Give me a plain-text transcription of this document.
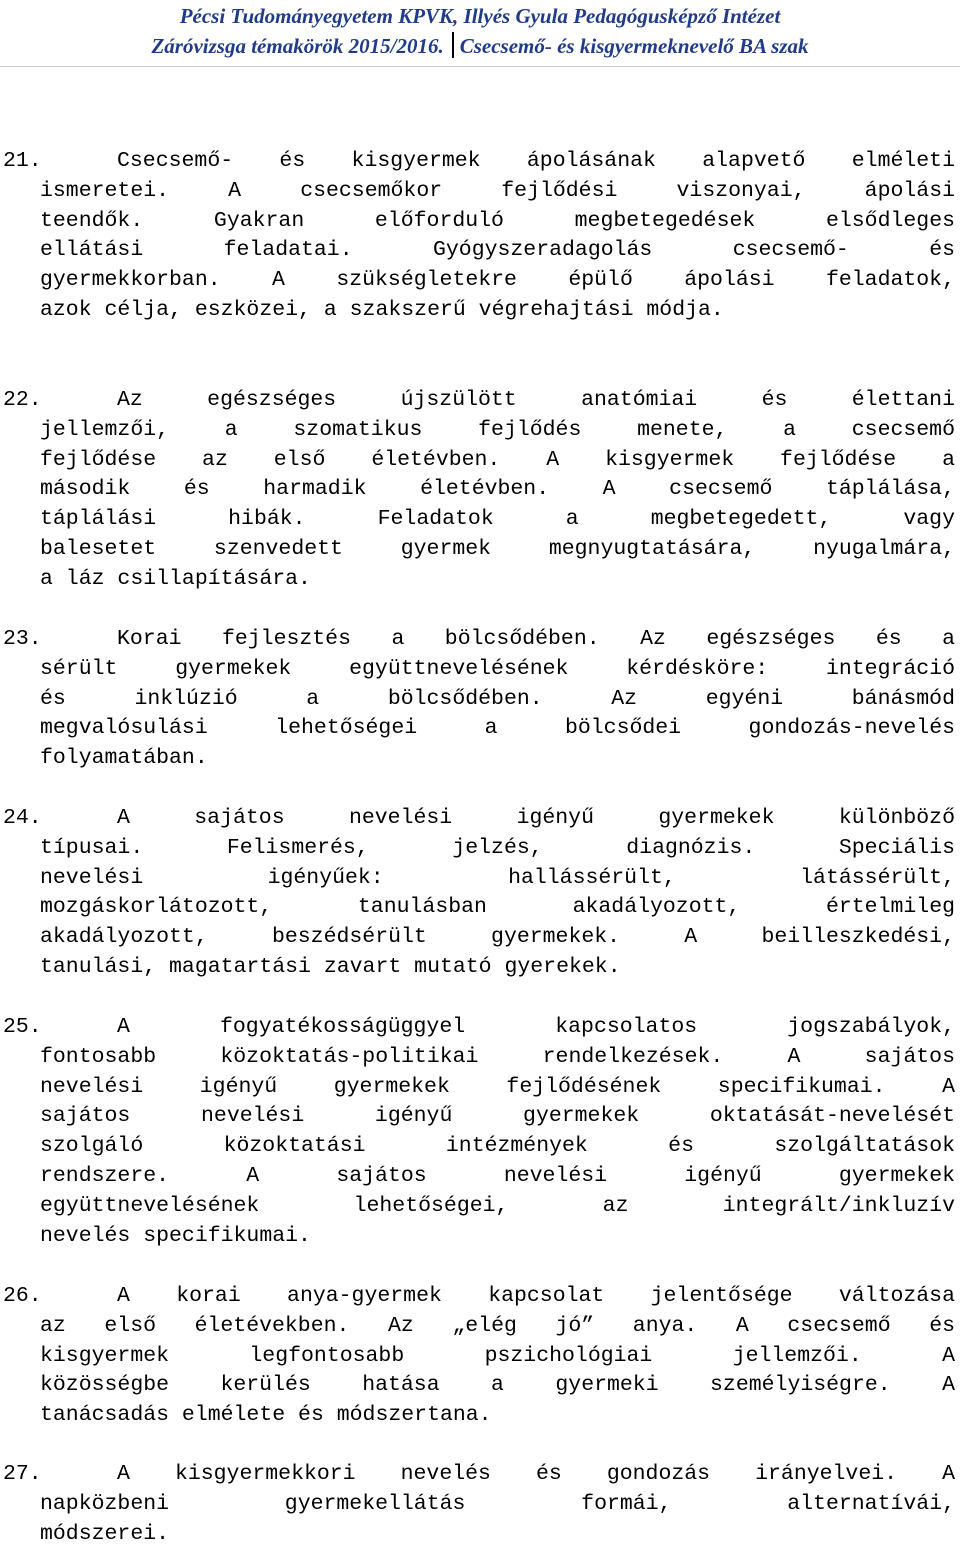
Pécsi Tudományegyetem KPVK, Illyés Gyula Pedagógusképző Intézet
Záróvizsga témakörök 2015/2016. Csecsemő- és kisgyermeknevelő BA szak
21.	Csecsemő- és kisgyermek ápolásának alapvető elméleti
ismeretei. A csecsemőkor fejlődési viszonyai, ápolási
teendők. Gyakran előforduló megbetegedések elsődleges
ellátási feladatai. Gyógyszeradagolás csecsemő- és
gyermekkorban. A szükségletekre épülő ápolási feladatok,
azok célja, eszközei, a szakszerű végrehajtási módja.
22.	Az egészséges újszülött anatómiai és élettani
jellemzői, a szomatikus fejlődés menete, a csecsemő
fejlődése az első életévben. A kisgyermek fejlődése a
második és harmadik életévben. A csecsemő táplálása,
táplálási hibák. Feladatok a megbetegedett, vagy
balesetet szenvedett gyermek megnyugtatására, nyugalmára,
a láz csillapítására.
23.	Korai fejlesztés a bölcsődében. Az egészséges és a
sérült gyermekek együttnevelésének kérdésköre: integráció
és inklúzió a bölcsődében. Az egyéni bánásmód
megvalósulási lehetőségei a bölcsődei gondozás-nevelés
folyamatában.
24.	A sajátos nevelési igényű gyermekek különböző
típusai. Felismerés, jelzés, diagnózis. Speciális
nevelési igényűek: hallássérült, látássérült,
mozgáskorlátozott, tanulásban akadályozott, értelmileg
akadályozott, beszédsérült gyermekek. A beilleszkedési,
tanulási, magatartási zavart mutató gyerekek.
25.	A fogyatékosságüggyel kapcsolatos jogszabályok,
fontosabb közoktatás-politikai rendelkezések. A sajátos
nevelési igényű gyermekek fejlődésének specifikumai. A
sajátos nevelési igényű gyermekek oktatását-nevelését
szolgáló közoktatási intézmények és szolgáltatások
rendszere. A sajátos nevelési igényű gyermekek
együttnevelésének lehetőségei, az integrált/inkluzív
nevelés specifikumai.
26.	A korai anya-gyermek kapcsolat jelentősége változása
az első életévekben. Az „elég jó” anya. A csecsemő és
kisgyermek legfontosabb pszichológiai jellemzői. A
közösségbe kerülés hatása a gyermeki személyiségre. A
tanácsadás elmélete és módszertana.
27.	A kisgyermekkori nevelés és gondozás irányelvei. A
napközbeni gyermekellátás formái, alternatívái,
módszerei.
